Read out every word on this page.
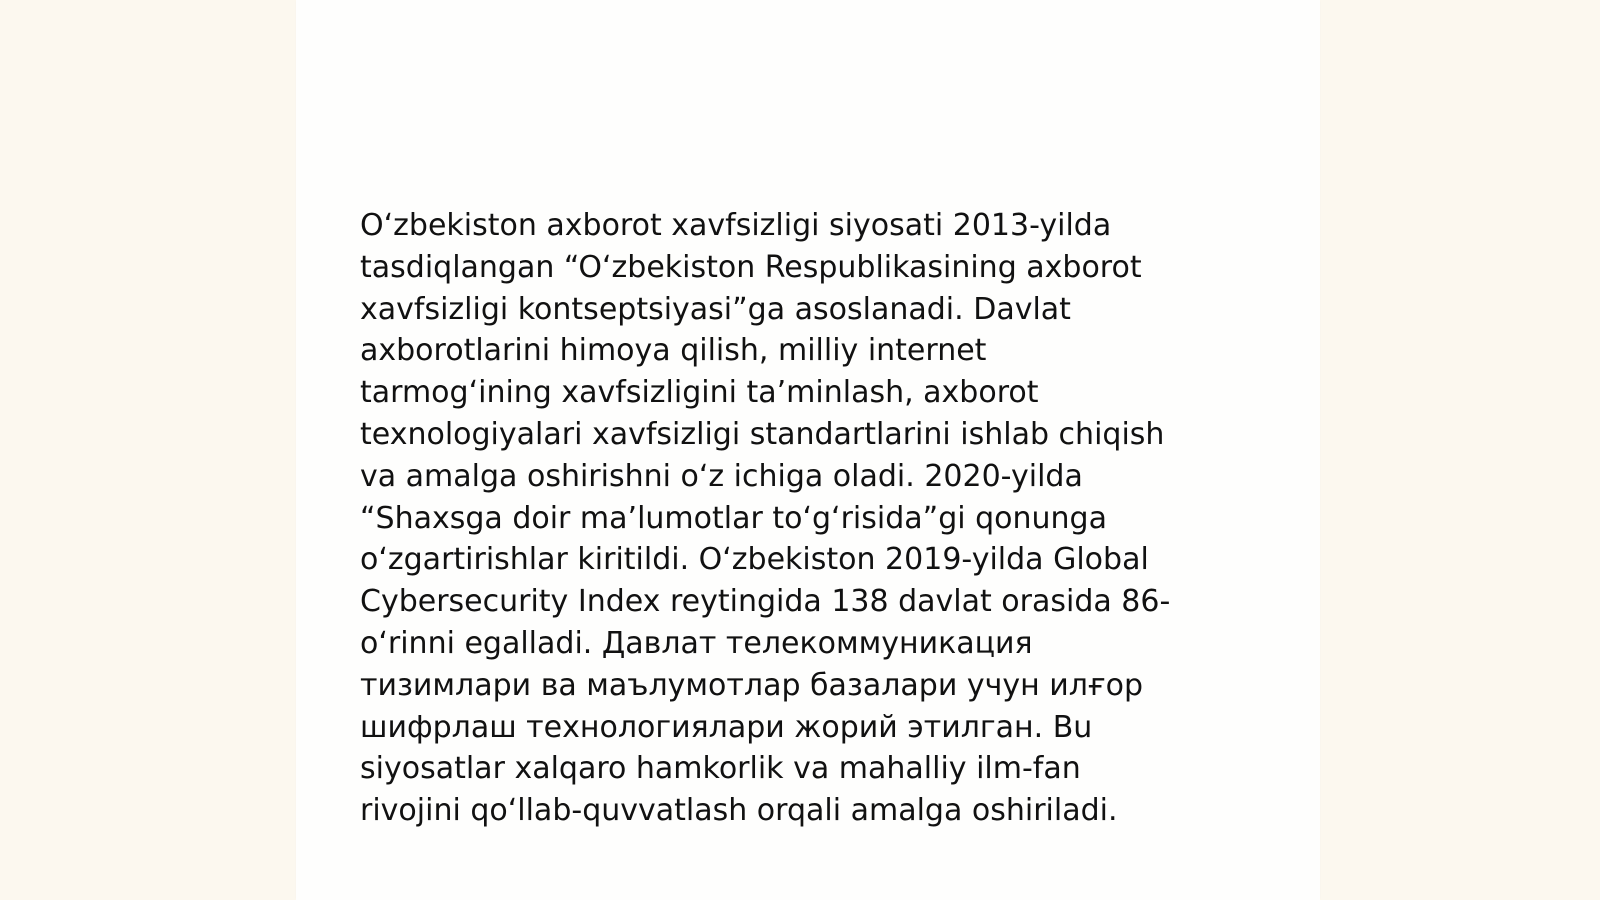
O‘zbekiston axborot xavfsizligi siyosati 2013-yilda
tasdiqlangan “O‘zbekiston Respublikasining axborot
xavfsizligi kontseptsiyasi”ga asoslanadi. Davlat
axborotlarini himoya qilish, milliy internet
tarmog‘ining xavfsizligini ta’minlash, axborot
texnologiyalari xavfsizligi standartlarini ishlab chiqish
va amalga oshirishni o‘z ichiga oladi. 2020-yilda
“Shaxsga doir ma’lumotlar to‘g‘risida”gi qonunga
o‘zgartirishlar kiritildi. O‘zbekiston 2019-yilda Global
Cybersecurity Index reytingida 138 davlat orasida 86-
o‘rinni egalladi. Давлат телекоммуникация
тизимлари ва маълумотлар базалари учун илғор
шифрлаш технологиялари жорий этилган. Bu
siyosatlar xalqaro hamkorlik va mahalliy ilm-fan
rivojini qo‘llab-quvvatlash orqali amalga oshiriladi.
